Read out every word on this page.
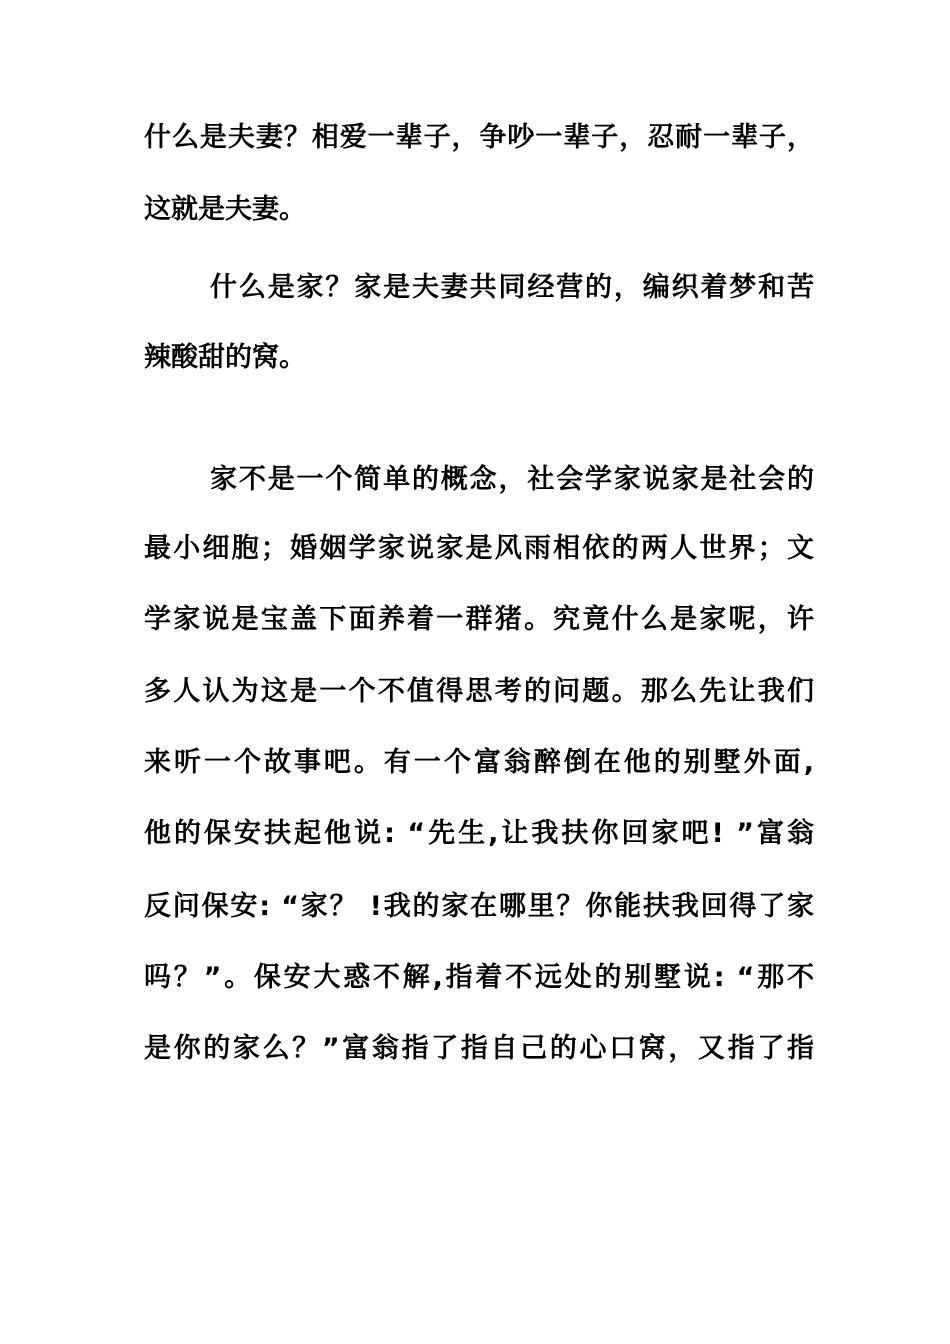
什么是夫妻？相爱一辈子，争吵一辈子，忍耐一辈子，
这就是夫妻。
什么是家？家是夫妻共同经营的，编织着梦和苦
辣酸甜的窝。
家不是一个简单的概念，社会学家说家是社会的
最小细胞；婚姻学家说家是风雨相依的两人世界；文
学家说是宝盖下面养着一群猪。究竟什么是家呢，许
多人认为这是一个不值得思考的问题。那么先让我们
来听一个故事吧。有一个富翁醉倒在他的别墅外面,
他的保安扶起他说: “先生,让我扶你回家吧! ”富翁
反问保安: “家？ !我的家在哪里？你能扶我回得了家
吗？”。保安大惑不解,指着不远处的别墅说: “那不
是你的家么？”富翁指了指自己的心口窝，又指了指
